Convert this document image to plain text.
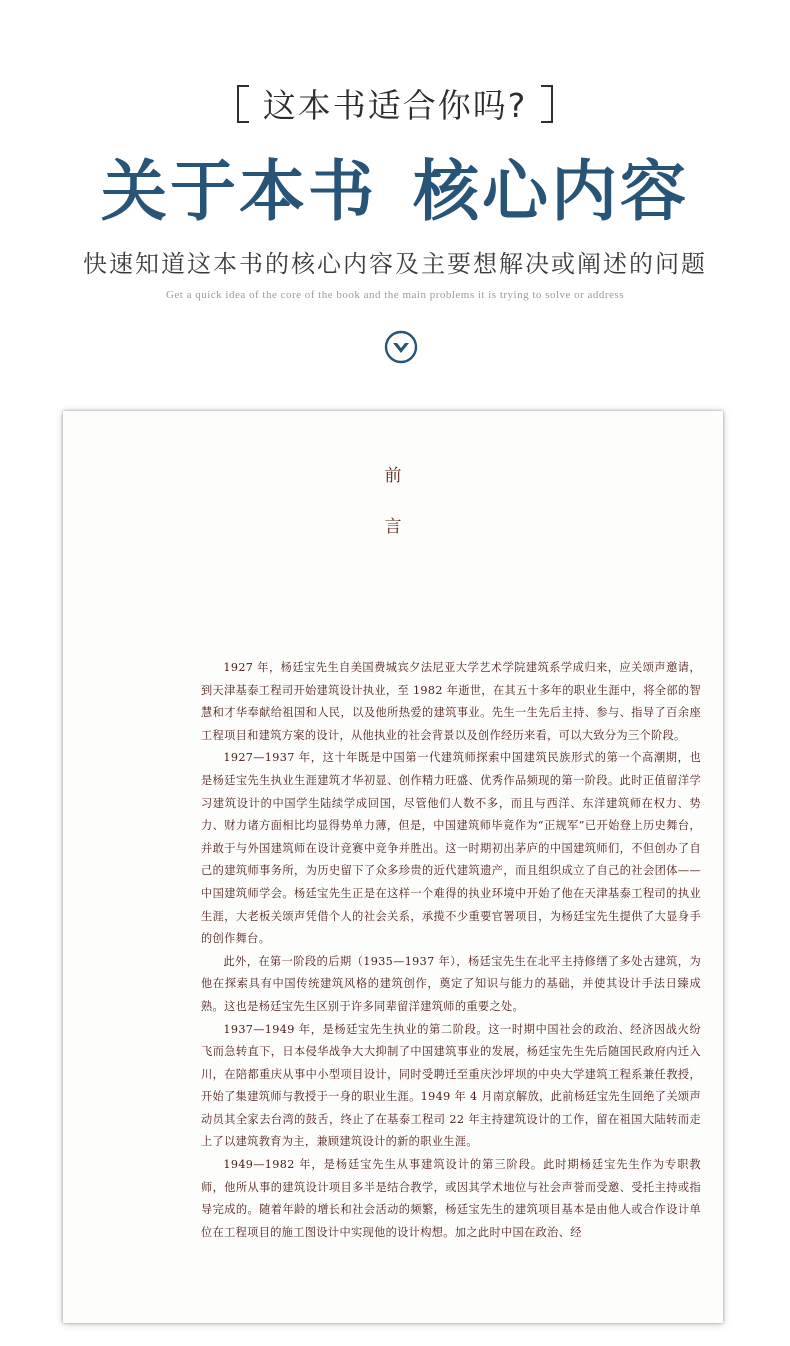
这本书适合你吗?
关于本书 核心内容
快速知道这本书的核心内容及主要想解决或阐述的问题
Get a quick idea of the core of the book and the main problems it is trying to solve or address
前
言

1927 年，杨廷宝先生自美国费城宾夕法尼亚大学艺术学院建筑系学成归来，应关颂声邀请，到天津基泰工程司开始建筑设计执业，至 1982 年逝世，在其五十多年的职业生涯中，将全部的智慧和才华奉献给祖国和人民，以及他所热爱的建筑事业。先生一生先后主持、参与、指导了百余座工程项目和建筑方案的设计，从他执业的社会背景以及创作经历来看，可以大致分为三个阶段。

1927—1937 年，这十年既是中国第一代建筑师探索中国建筑民族形式的第一个高潮期，也是杨廷宝先生执业生涯建筑才华初显、创作精力旺盛、优秀作品频现的第一阶段。此时正值留洋学习建筑设计的中国学生陆续学成回国，尽管他们人数不多，而且与西洋、东洋建筑师在权力、势力、财力诸方面相比均显得势单力薄，但是，中国建筑师毕竟作为“正规军”已开始登上历史舞台，并敢于与外国建筑师在设计竞赛中竞争并胜出。这一时期初出茅庐的中国建筑师们，不但创办了自己的建筑师事务所，为历史留下了众多珍贵的近代建筑遗产，而且组织成立了自己的社会团体——中国建筑师学会。杨廷宝先生正是在这样一个难得的执业环境中开始了他在天津基泰工程司的执业生涯，大老板关颂声凭借个人的社会关系，承揽不少重要官署项目，为杨廷宝先生提供了大显身手的创作舞台。

此外，在第一阶段的后期（1935—1937 年），杨廷宝先生在北平主持修缮了多处古建筑，为他在探索具有中国传统建筑风格的建筑创作，奠定了知识与能力的基础，并使其设计手法日臻成熟。这也是杨廷宝先生区别于许多同辈留洋建筑师的重要之处。

1937—1949 年，是杨廷宝先生执业的第二阶段。这一时期中国社会的政治、经济因战火纷飞而急转直下，日本侵华战争大大抑制了中国建筑事业的发展，杨廷宝先生先后随国民政府内迁入川，在陪都重庆从事中小型项目设计，同时受聘迁至重庆沙坪坝的中央大学建筑工程系兼任教授，开始了集建筑师与教授于一身的职业生涯。1949 年 4 月南京解放，此前杨廷宝先生回绝了关颂声动员其全家去台湾的鼓舌，终止了在基泰工程司 22 年主持建筑设计的工作，留在祖国大陆转而走上了以建筑教育为主，兼顾建筑设计的新的职业生涯。

1949—1982 年，是杨廷宝先生从事建筑设计的第三阶段。此时期杨廷宝先生作为专职教师，他所从事的建筑设计项目多半是结合教学，或因其学术地位与社会声誉而受邀、受托主持或指导完成的。随着年龄的增长和社会活动的频繁，杨廷宝先生的建筑项目基本是由他人或合作设计单位在工程项目的施工图设计中实现他的设计构想。加之此时中国在政治、经
